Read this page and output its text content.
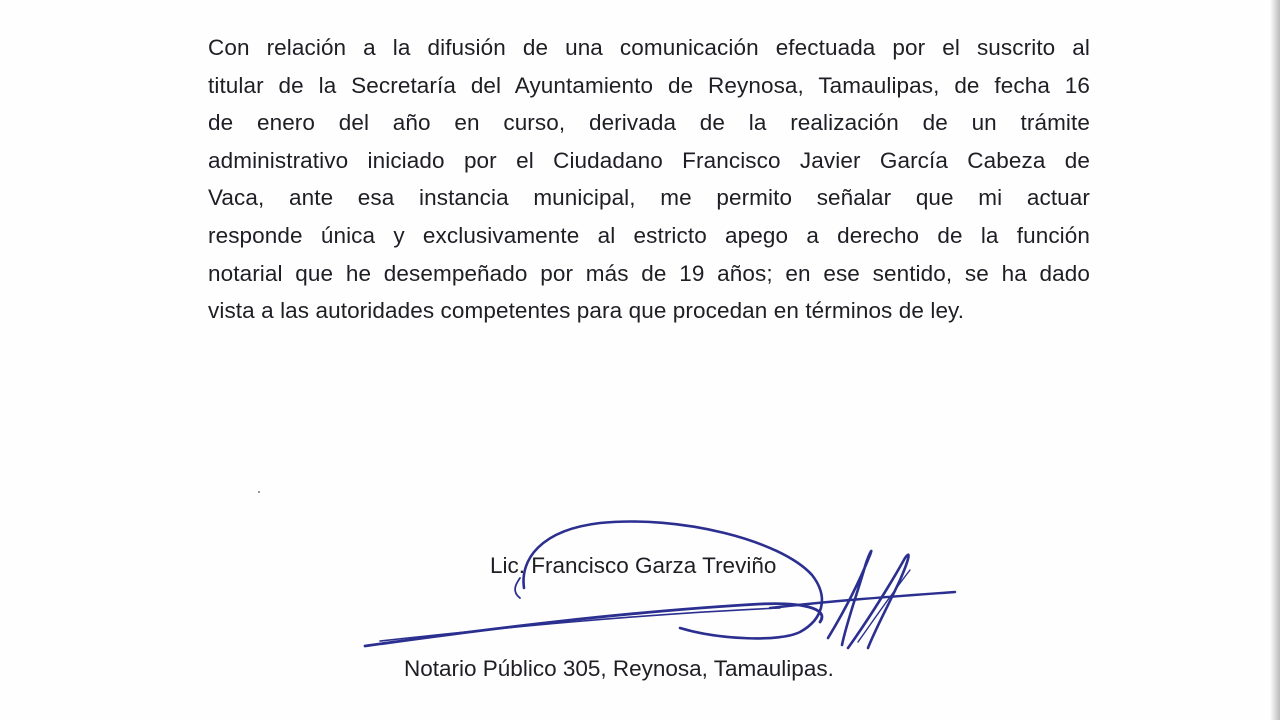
Con relación a la difusión de una comunicación efectuada por el suscrito al
titular de la Secretaría del Ayuntamiento de Reynosa, Tamaulipas, de fecha 16
de enero del año en curso, derivada de la realización de un trámite
administrativo iniciado por el Ciudadano Francisco Javier García Cabeza de
Vaca, ante esa instancia municipal, me permito señalar que mi actuar
responde única y exclusivamente al estricto apego a derecho de la función
notarial que he desempeñado por más de 19 años; en ese sentido, se ha dado
vista a las autoridades competentes para que procedan en términos de ley.

Lic. Francisco Garza Treviño

Notario Público 305, Reynosa, Tamaulipas.
